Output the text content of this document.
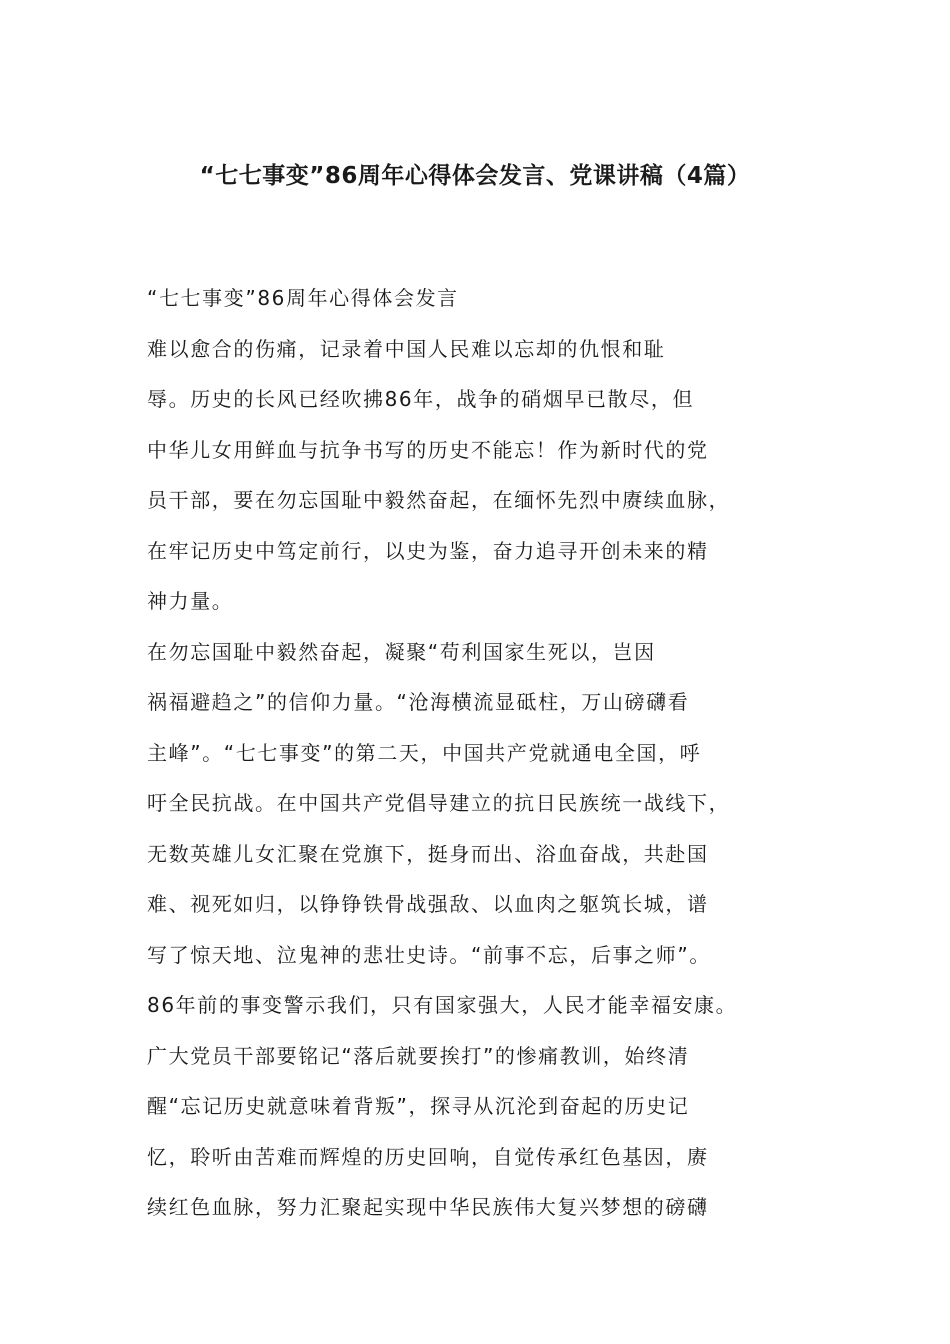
“七七事变”86周年心得体会发言、党课讲稿（4篇）
“七七事变”86周年心得体会发言
难以愈合的伤痛，记录着中国人民难以忘却的仇恨和耻
辱。历史的长风已经吹拂86年，战争的硝烟早已散尽，但
中华儿女用鲜血与抗争书写的历史不能忘！作为新时代的党
员干部，要在勿忘国耻中毅然奋起，在缅怀先烈中赓续血脉，
在牢记历史中笃定前行，以史为鉴，奋力追寻开创未来的精
神力量。
在勿忘国耻中毅然奋起，凝聚“苟利国家生死以，岂因
祸福避趋之”的信仰力量。“沧海横流显砥柱，万山磅礴看
主峰”。“七七事变”的第二天，中国共产党就通电全国，呼
吁全民抗战。在中国共产党倡导建立的抗日民族统一战线下，
无数英雄儿女汇聚在党旗下，挺身而出、浴血奋战，共赴国
难、视死如归，以铮铮铁骨战强敌、以血肉之躯筑长城，谱
写了惊天地、泣鬼神的悲壮史诗。“前事不忘，后事之师”。
86年前的事变警示我们，只有国家强大，人民才能幸福安康。
广大党员干部要铭记“落后就要挨打”的惨痛教训，始终清
醒“忘记历史就意味着背叛”，探寻从沉沦到奋起的历史记
忆，聆听由苦难而辉煌的历史回响，自觉传承红色基因，赓
续红色血脉，努力汇聚起实现中华民族伟大复兴梦想的磅礴
